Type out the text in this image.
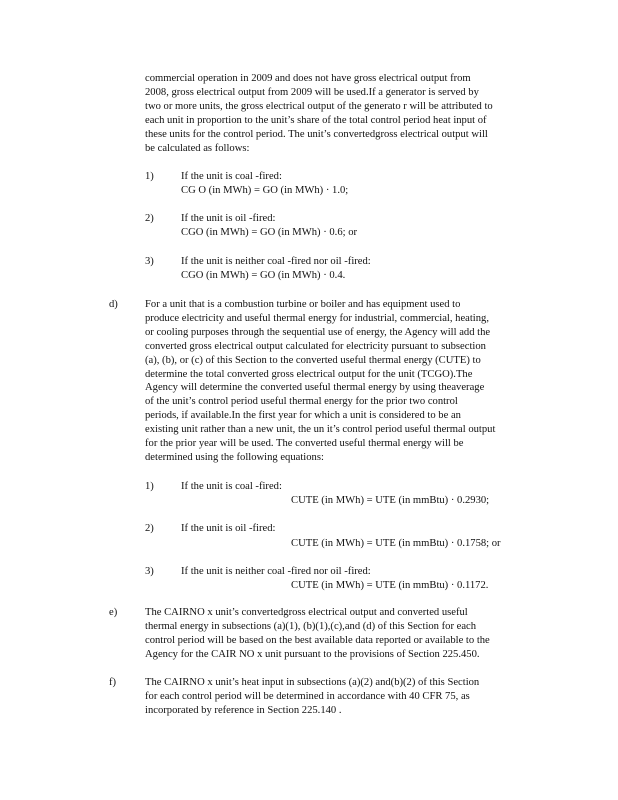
commercial operation in 2009 and does not have gross electrical output from
2008, gross electrical output from 2009 will be used.If a generator is served by
two or more units, the gross electrical output of the generato r will be attributed to
each unit in proportion to the unit’s share of the total control period heat input of
these units for the control period. The unit’s convertedgross electrical output will
be calculated as follows:
1)	If the unit is coal -fired:
CG O (in MWh) = GO (in MWh) · 1.0;
2)	If the unit is oil -fired:
CGO (in MWh) = GO (in MWh) · 0.6; or
3)	If the unit is neither coal -fired nor oil -fired:
CGO (in MWh) = GO (in MWh) · 0.4.
d)	For a unit that is a combustion turbine or boiler and has equipment used to
produce electricity and useful thermal energy for industrial, commercial, heating,
or cooling purposes through the sequential use of energy, the Agency will add the
converted gross electrical output calculated for electricity pursuant to subsection
(a), (b), or (c) of this Section to the converted useful thermal energy (CUTE) to
determine the total converted gross electrical output for the unit (TCGO).The
Agency will determine the converted useful thermal energy by using theaverage
of the unit’s control period useful thermal energy for the prior two control
periods, if available.In the first year for which a unit is considered to be an
existing unit rather than a new unit, the un it’s control period useful thermal output
for the prior year will be used. The converted useful thermal energy will be
determined using the following equations:
1)	If the unit is coal -fired:
CUTE (in MWh) = UTE (in mmBtu) · 0.2930;
2)	If the unit is oil -fired:
CUTE (in MWh) = UTE (in mmBtu) · 0.1758; or
3)	If the unit is neither coal -fired nor oil -fired:
CUTE (in MWh) = UTE (in mmBtu) · 0.1172.
e)	The CAIRNO x unit’s convertedgross electrical output and converted useful
thermal energy in subsections (a)(1), (b)(1),(c),and (d) of this Section for each
control period will be based on the best available data reported or available to the
Agency for the CAIR NO x unit pursuant to the provisions of Section 225.450.
f)	The CAIRNO x unit’s heat input in subsections (a)(2) and(b)(2) of this Section
for each control period will be determined in accordance with 40 CFR 75, as
incorporated by reference in Section 225.140 .
